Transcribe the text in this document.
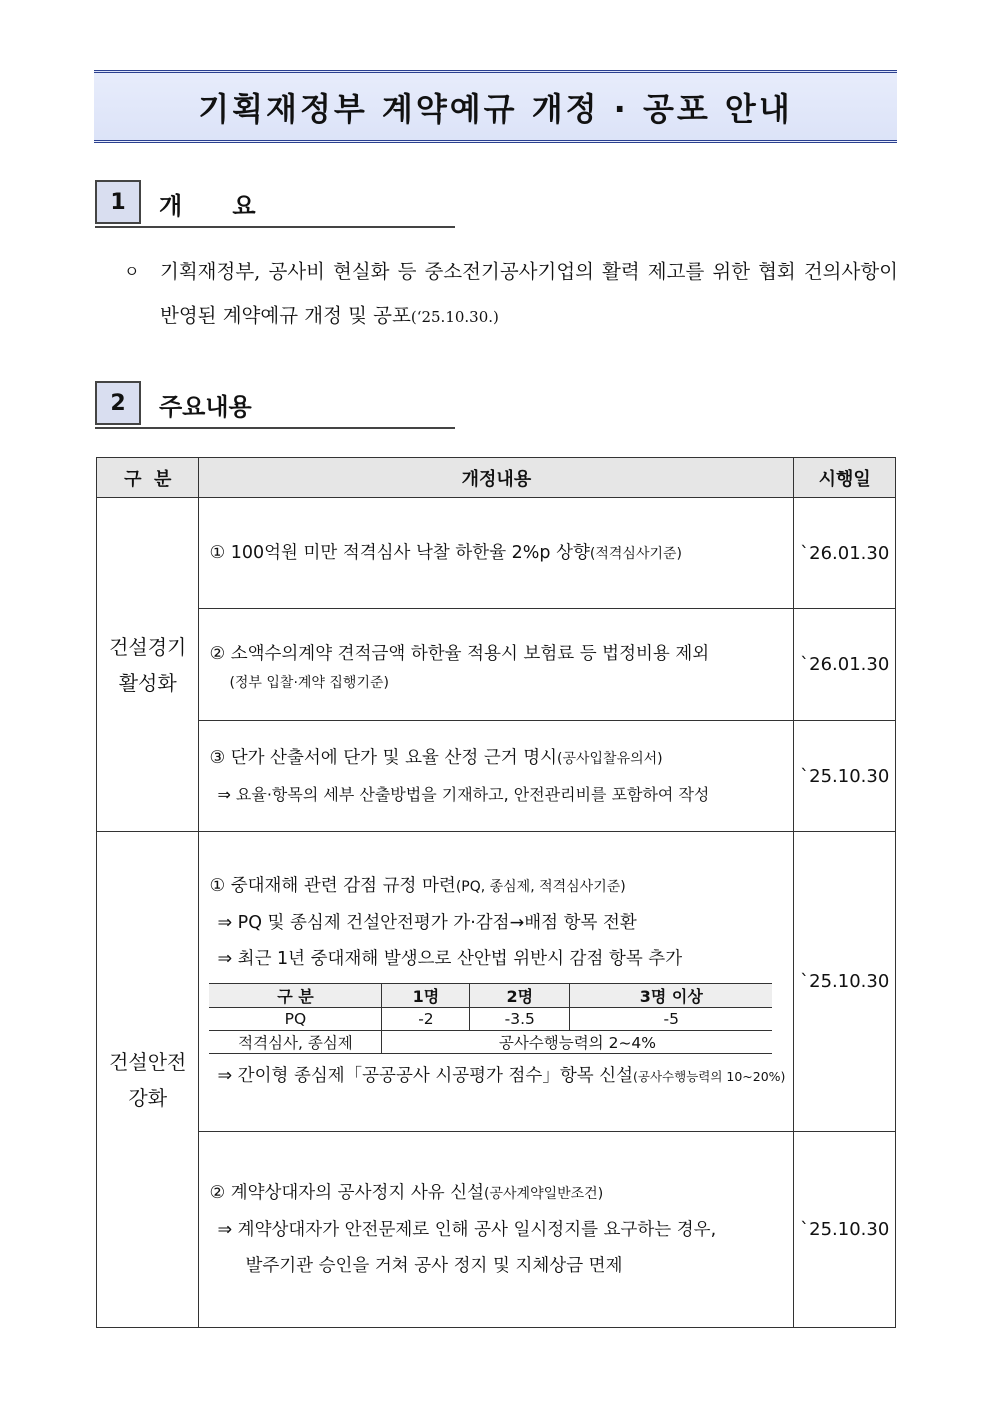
기획재정부 계약예규 개정 · 공포 안내
1	개      요
ㅇ 기획재정부, 공사비 현실화 등 중소전기공사기업의 활력 제고를 위한 협회 건의사항이 반영된 계약예규 개정 및 공포(‘25.10.30.)
2	주요내용
구  분	개정내용	시행일

건설경기
활성화

① 100억원 미만 적격심사 낙찰 하한율 2%p 상향(적격심사기준)	`26.01.30

② 소액수의계약 견적금액 하한율 적용시 보험료 등 법정비용 제외
(정부 입찰·계약 집행기준)
	`26.01.30

③ 단가 산출서에 단가 및 요율 산정 근거 명시(공사입찰유의서)
⇒ 요율·항목의 세부 산출방법을 기재하고, 안전관리비를 포함하여 작성
	`25.10.30

건설안전
강화

① 중대재해 관련 감점 규정 마련(PQ, 종심제, 적격심사기준)
⇒ PQ 및 종심제 건설안전평가 가·감점→배점 항목 전환
⇒ 최근 1년 중대재해 발생으로 산안법 위반시 감점 항목 추가
구 분	1명	2명	3명 이상
PQ	-2	-3.5	-5
적격심사, 종심제	공사수행능력의 2~4%
⇒ 간이형 종심제「공공공사 시공평가 점수」항목 신설(공사수행능력의 10~20%)
	`25.10.30

② 계약상대자의 공사정지 사유 신설(공사계약일반조건)
⇒ 계약상대자가 안전문제로 인해 공사 일시정지를 요구하는 경우,
발주기관 승인을 거쳐 공사 정지 및 지체상금 면제
	`25.10.30
